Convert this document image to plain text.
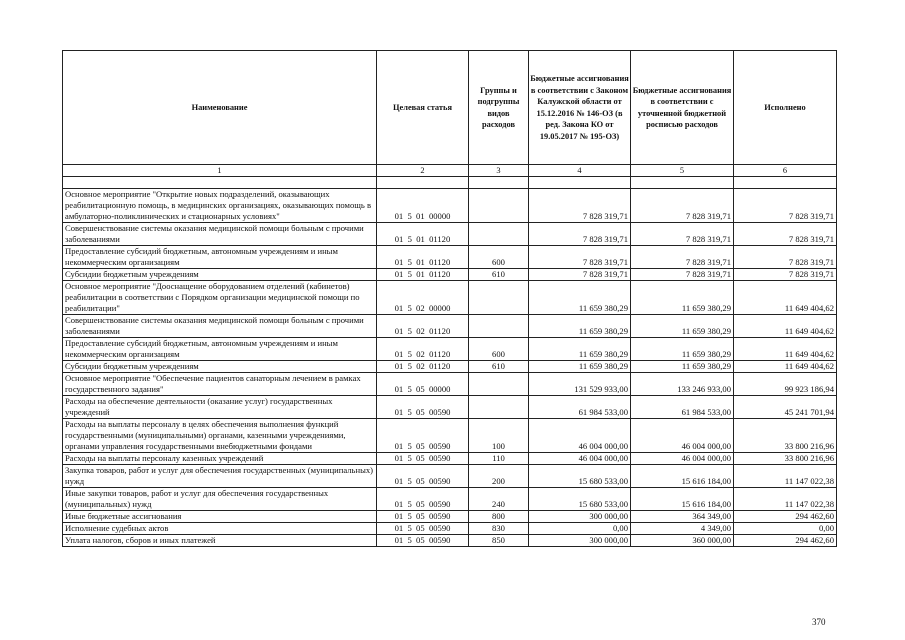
Наименование	Целевая статья	Группы и подгруппы видов расходов	Бюджетные ассигнования в соответствии с Законом Калужской области от 15.12.2016 № 146-ОЗ (в ред. Закона КО от 19.05.2017 № 195-ОЗ)	Бюджетные ассигнования в соответствии с уточненной бюджетной росписью расходов	Исполнено
1	2	3	4	5	6

Основное мероприятие "Открытие новых подразделений, оказывающих реабилитационную помощь, в медицинских организациях, оказывающих помощь в амбулаторно-поликлинических и стационарных условиях"	01  5  01  00000		7 828 319,71	7 828 319,71	7 828 319,71
Совершенствование системы оказания медицинской помощи больным с прочими заболеваниями	01  5  01  01120		7 828 319,71	7 828 319,71	7 828 319,71
Предоставление субсидий бюджетным, автономным учреждениям и иным некоммерческим организациям	01  5  01  01120	600	7 828 319,71	7 828 319,71	7 828 319,71
Субсидии бюджетным учреждениям	01  5  01  01120	610	7 828 319,71	7 828 319,71	7 828 319,71
Основное мероприятие "Дооснащение оборудованием отделений (кабинетов) реабилитации в соответствии с Порядком организации медицинской помощи по реабилитации"	01  5  02  00000		11 659 380,29	11 659 380,29	11 649 404,62
Совершенствование системы оказания медицинской помощи больным с прочими заболеваниями	01  5  02  01120		11 659 380,29	11 659 380,29	11 649 404,62
Предоставление субсидий бюджетным, автономным учреждениям и иным некоммерческим организациям	01  5  02  01120	600	11 659 380,29	11 659 380,29	11 649 404,62
Субсидии бюджетным учреждениям	01  5  02  01120	610	11 659 380,29	11 659 380,29	11 649 404,62
Основное мероприятие "Обеспечение пациентов санаторным лечением в рамках государственного задания"	01  5  05  00000		131 529 933,00	133 246 933,00	99 923 186,94
Расходы на обеспечение деятельности (оказание услуг) государственных учреждений	01  5  05  00590		61 984 533,00	61 984 533,00	45 241 701,94
Расходы на выплаты персоналу в целях обеспечения выполнения функций государственными (муниципальными) органами, казенными учреждениями, органами управления государственными внебюджетными фондами	01  5  05  00590	100	46 004 000,00	46 004 000,00	33 800 216,96
Расходы на выплаты персоналу казенных учреждений	01  5  05  00590	110	46 004 000,00	46 004 000,00	33 800 216,96
Закупка товаров, работ и услуг для обеспечения государственных (муниципальных) нужд	01  5  05  00590	200	15 680 533,00	15 616 184,00	11 147 022,38
Иные закупки товаров, работ и услуг для обеспечения государственных (муниципальных) нужд	01  5  05  00590	240	15 680 533,00	15 616 184,00	11 147 022,38
Иные бюджетные ассигнования	01  5  05  00590	800	300 000,00	364 349,00	294 462,60
Исполнение судебных актов	01  5  05  00590	830	0,00	4 349,00	0,00
Уплата налогов, сборов и иных платежей	01  5  05  00590	850	300 000,00	360 000,00	294 462,60
370
